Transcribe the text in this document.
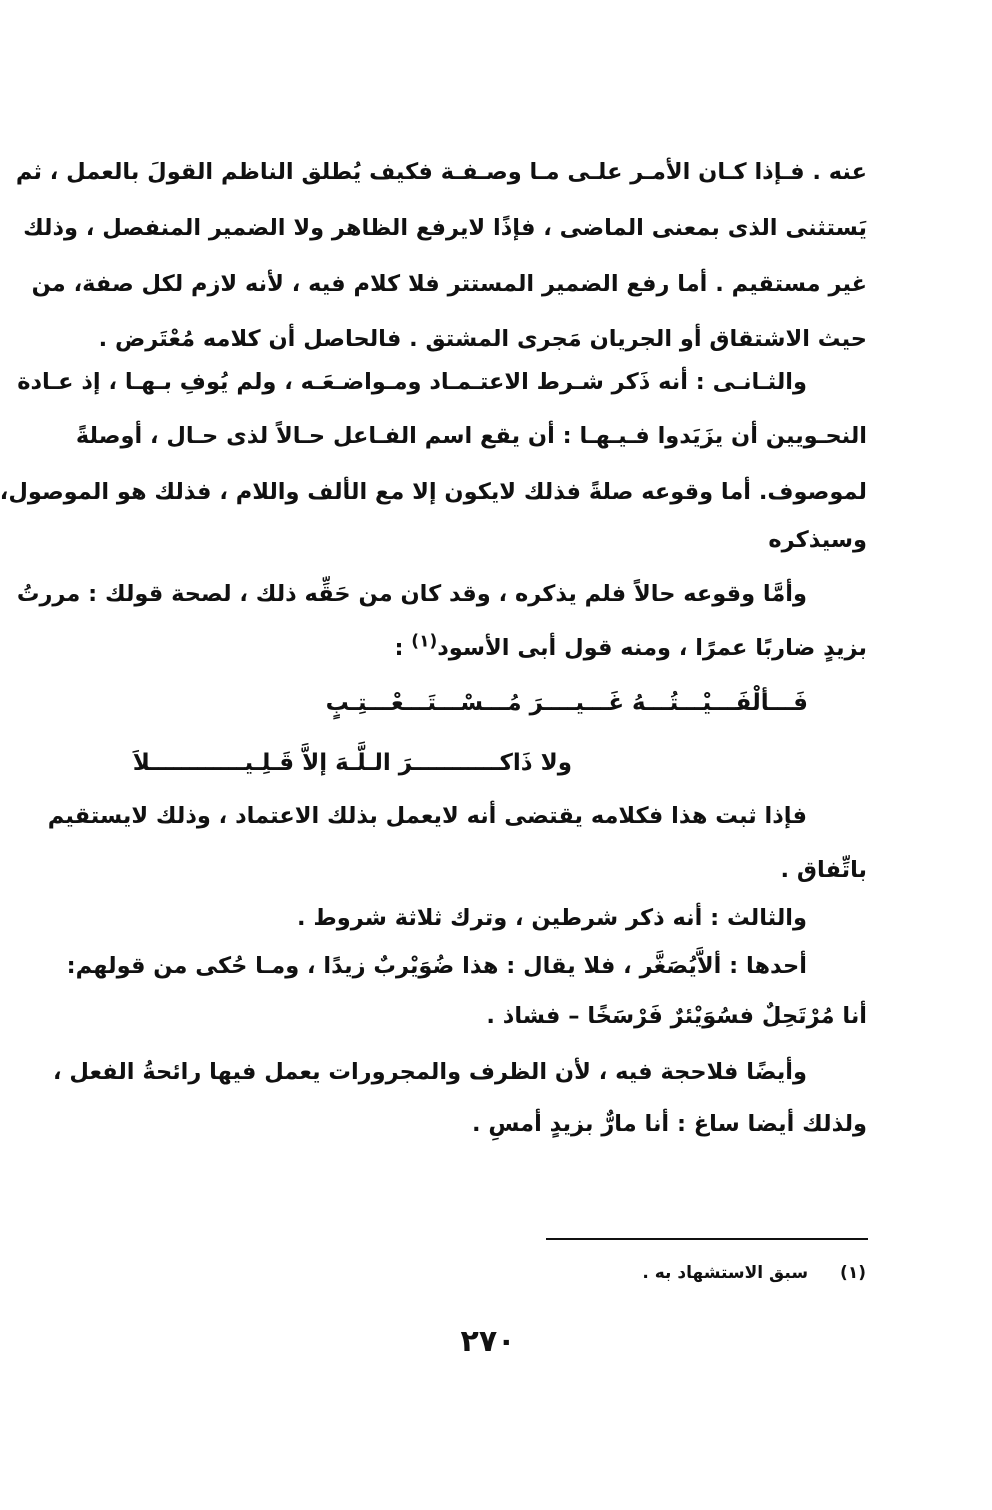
عنه . فـإذا كـان الأمـر علـى مـا وصـفـة فكيف يُطلق الناظم القولَ بالعمل ، ثم
يَستثنى الذى بمعنى الماضى ، فإذًا لايرفع الظاهر ولا الضمير المنفصل ، وذلك
غير مستقيم . أما رفع الضمير المستتر فلا كلام فيه ، لأنه لازم لكل صفة، من
حيث الاشتقاق أو الجريان مَجرى المشتق . فالحاصل أن كلامه مُعْتَرض .
والثـانـى : أنه ذَكر شـرط الاعتـمـاد ومـواضـعَـه ، ولم يُوفِ بـهـا ، إذ عـادة
النحـويين أن يزَيَدوا فـيـهـا : أن يقع اسم الفـاعل حـالاً لذى حـال ، أوصلةً
لموصوف. أما وقوعه صلةً فذلك لايكون إلا مع الألف واللام ، فذلك هو الموصول،
وسيذكره
وأمَّا وقوعه حالاً فلم يذكره ، وقد كان من حَقِّه ذلك ، لصحة قولك : مررتُ
بزيدٍ ضاربًا عمرًا ، ومنه قول أبى الأسود$^{(١)}$ :
فَـــألْفَـــيْـــتُـــهُ غَـــيــــرَ مُـــسْـــتَـــعْـــتِـبٍ
ولا ذَاكـــــــــــرَ الـلَّـهَ إلاَّ قَـلِـيــــــــــــلاَ
فإذا ثبت هذا فكلامه يقتضى أنه لايعمل بذلك الاعتماد ، وذلك لايستقيم
باتِّفاق .
والثالث : أنه ذكر شرطين ، وترك ثلاثة شروط .
أحدها : ألاَّيُصَغَّر ، فلا يقال : هذا ضُوَيْربٌ زيدًا ، ومـا حُكى من قولهم:
أنا مُرْتَحِلٌ فسُوَيْئرٌ فَرْسَخًا – فشاذ .
وأيضًا فلاحجة فيه ، لأن الظرف والمجرورات يعمل فيها رائحةُ الفعل ،
ولذلك أيضا ساغ : أنا مارٌّ بزيدٍ أمسِ .
(١)سبق الاستشهاد به .
٢٧٠
